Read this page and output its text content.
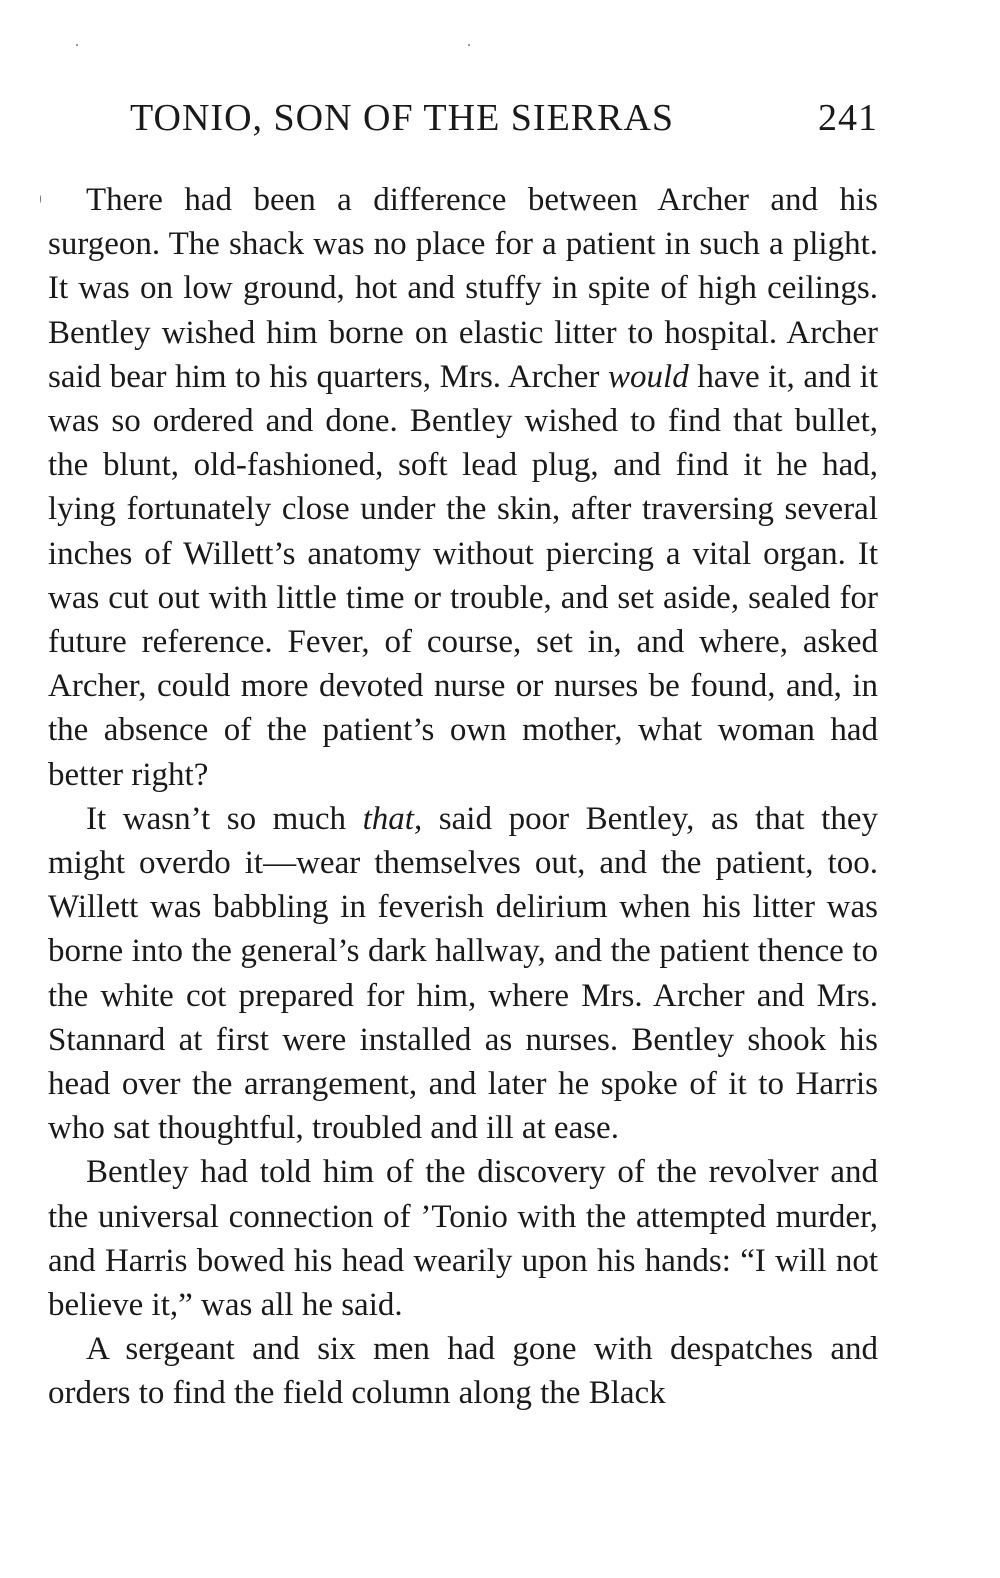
TONIO, SON OF THE SIERRAS	241

There had been a difference between Archer and his surgeon. The shack was no place for a patient in such a plight. It was on low ground, hot and stuffy in spite of high ceilings. Bentley wished him borne on elastic litter to hospital. Archer said bear him to his quarters, Mrs. Archer would have it, and it was so ordered and done. Bentley wished to find that bullet, the blunt, old-fashioned, soft lead plug, and find it he had, lying fortunately close under the skin, after traversing several inches of Willett’s anatomy without piercing a vital organ. It was cut out with little time or trouble, and set aside, sealed for future reference. Fever, of course, set in, and where, asked Archer, could more devoted nurse or nurses be found, and, in the absence of the patient’s own mother, what woman had better right?

It wasn’t so much that, said poor Bentley, as that they might overdo it—wear themselves out, and the patient, too. Willett was babbling in feverish delirium when his litter was borne into the general’s dark hallway, and the patient thence to the white cot prepared for him, where Mrs. Archer and Mrs. Stannard at first were installed as nurses. Bentley shook his head over the arrangement, and later he spoke of it to Harris who sat thoughtful, troubled and ill at ease.

Bentley had told him of the discovery of the revolver and the universal connection of ’Tonio with the attempted murder, and Harris bowed his head wearily upon his hands: “I will not believe it,” was all he said.

A sergeant and six men had gone with despatches and orders to find the field column along the Black
